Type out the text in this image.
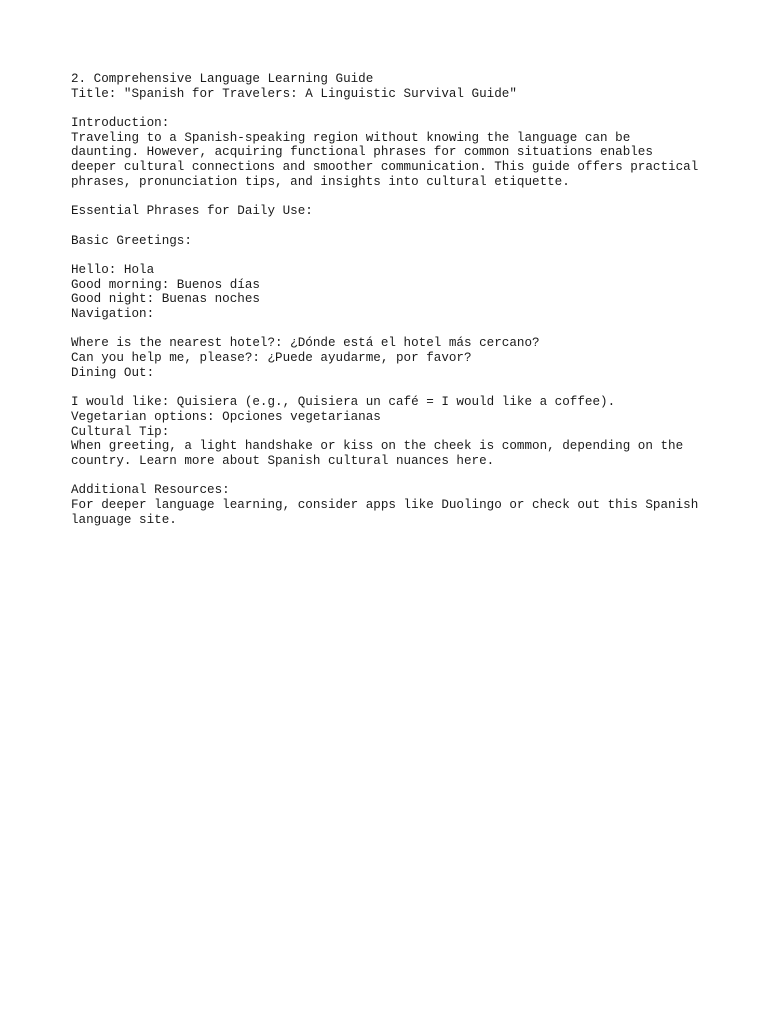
2. Comprehensive Language Learning Guide
Title: "Spanish for Travelers: A Linguistic Survival Guide"
Introduction:
Traveling to a Spanish-speaking region without knowing the language can be
daunting. However, acquiring functional phrases for common situations enables
deeper cultural connections and smoother communication. This guide offers practical
phrases, pronunciation tips, and insights into cultural etiquette.
Essential Phrases for Daily Use:
Basic Greetings:
Hello: Hola
Good morning: Buenos días
Good night: Buenas noches
Navigation:
Where is the nearest hotel?: ¿Dónde está el hotel más cercano?
Can you help me, please?: ¿Puede ayudarme, por favor?
Dining Out:
I would like: Quisiera (e.g., Quisiera un café = I would like a coffee).
Vegetarian options: Opciones vegetarianas
Cultural Tip:
When greeting, a light handshake or kiss on the cheek is common, depending on the
country. Learn more about Spanish cultural nuances here.
Additional Resources:
For deeper language learning, consider apps like Duolingo or check out this Spanish
language site.
